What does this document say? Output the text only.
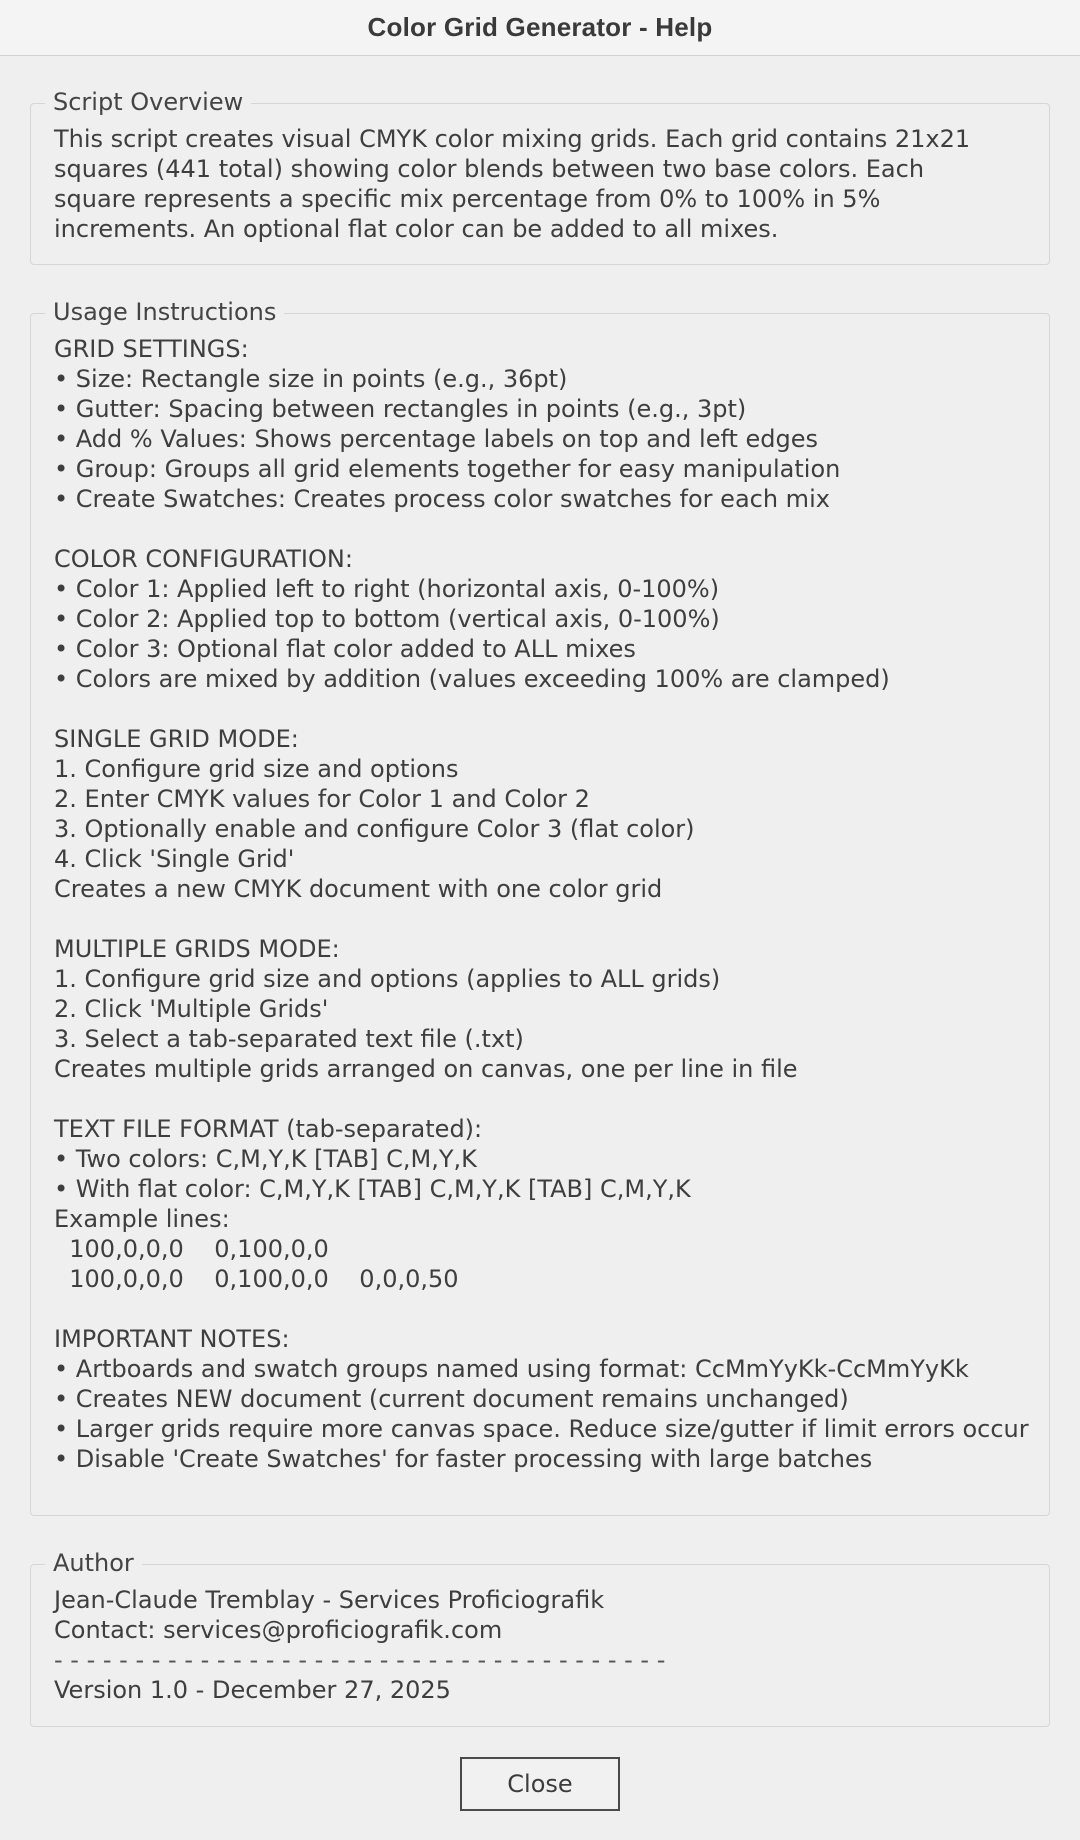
Color Grid Generator - Help
Script Overview
This script creates visual CMYK color mixing grids. Each grid contains 21x21 squares (441 total) showing color blends between two base colors. Each square represents a specific mix percentage from 0% to 100% in 5% increments. An optional flat color can be added to all mixes.
Usage Instructions
GRID SETTINGS:
• Size: Rectangle size in points (e.g., 36pt)
• Gutter: Spacing between rectangles in points (e.g., 3pt)
• Add % Values: Shows percentage labels on top and left edges
• Group: Groups all grid elements together for easy manipulation
• Create Swatches: Creates process color swatches for each mix
COLOR CONFIGURATION:
• Color 1: Applied left to right (horizontal axis, 0-100%)
• Color 2: Applied top to bottom (vertical axis, 0-100%)
• Color 3: Optional flat color added to ALL mixes
• Colors are mixed by addition (values exceeding 100% are clamped)
SINGLE GRID MODE:
1. Configure grid size and options
2. Enter CMYK values for Color 1 and Color 2
3. Optionally enable and configure Color 3 (flat color)
4. Click 'Single Grid'
Creates a new CMYK document with one color grid
MULTIPLE GRIDS MODE:
1. Configure grid size and options (applies to ALL grids)
2. Click 'Multiple Grids'
3. Select a tab-separated text file (.txt)
Creates multiple grids arranged on canvas, one per line in file
TEXT FILE FORMAT (tab-separated):
• Two colors: C,M,Y,K [TAB] C,M,Y,K
• With flat color: C,M,Y,K [TAB] C,M,Y,K [TAB] C,M,Y,K
Example lines:
100,0,0,0    0,100,0,0
100,0,0,0    0,100,0,0    0,0,0,50
IMPORTANT NOTES:
• Artboards and swatch groups named using format: CcMmYyKk-CcMmYyKk
• Creates NEW document (current document remains unchanged)
• Larger grids require more canvas space. Reduce size/gutter if limit errors occur
• Disable 'Create Swatches' for faster processing with large batches
Author
Jean-Claude Tremblay - Services Proficiografik
Contact: services@proficiografik.com
- - - - - - - - - - - - - - - - - - - - - - - - - - - - - - - - - - - - - -
Version 1.0 - December 27, 2025
Close
